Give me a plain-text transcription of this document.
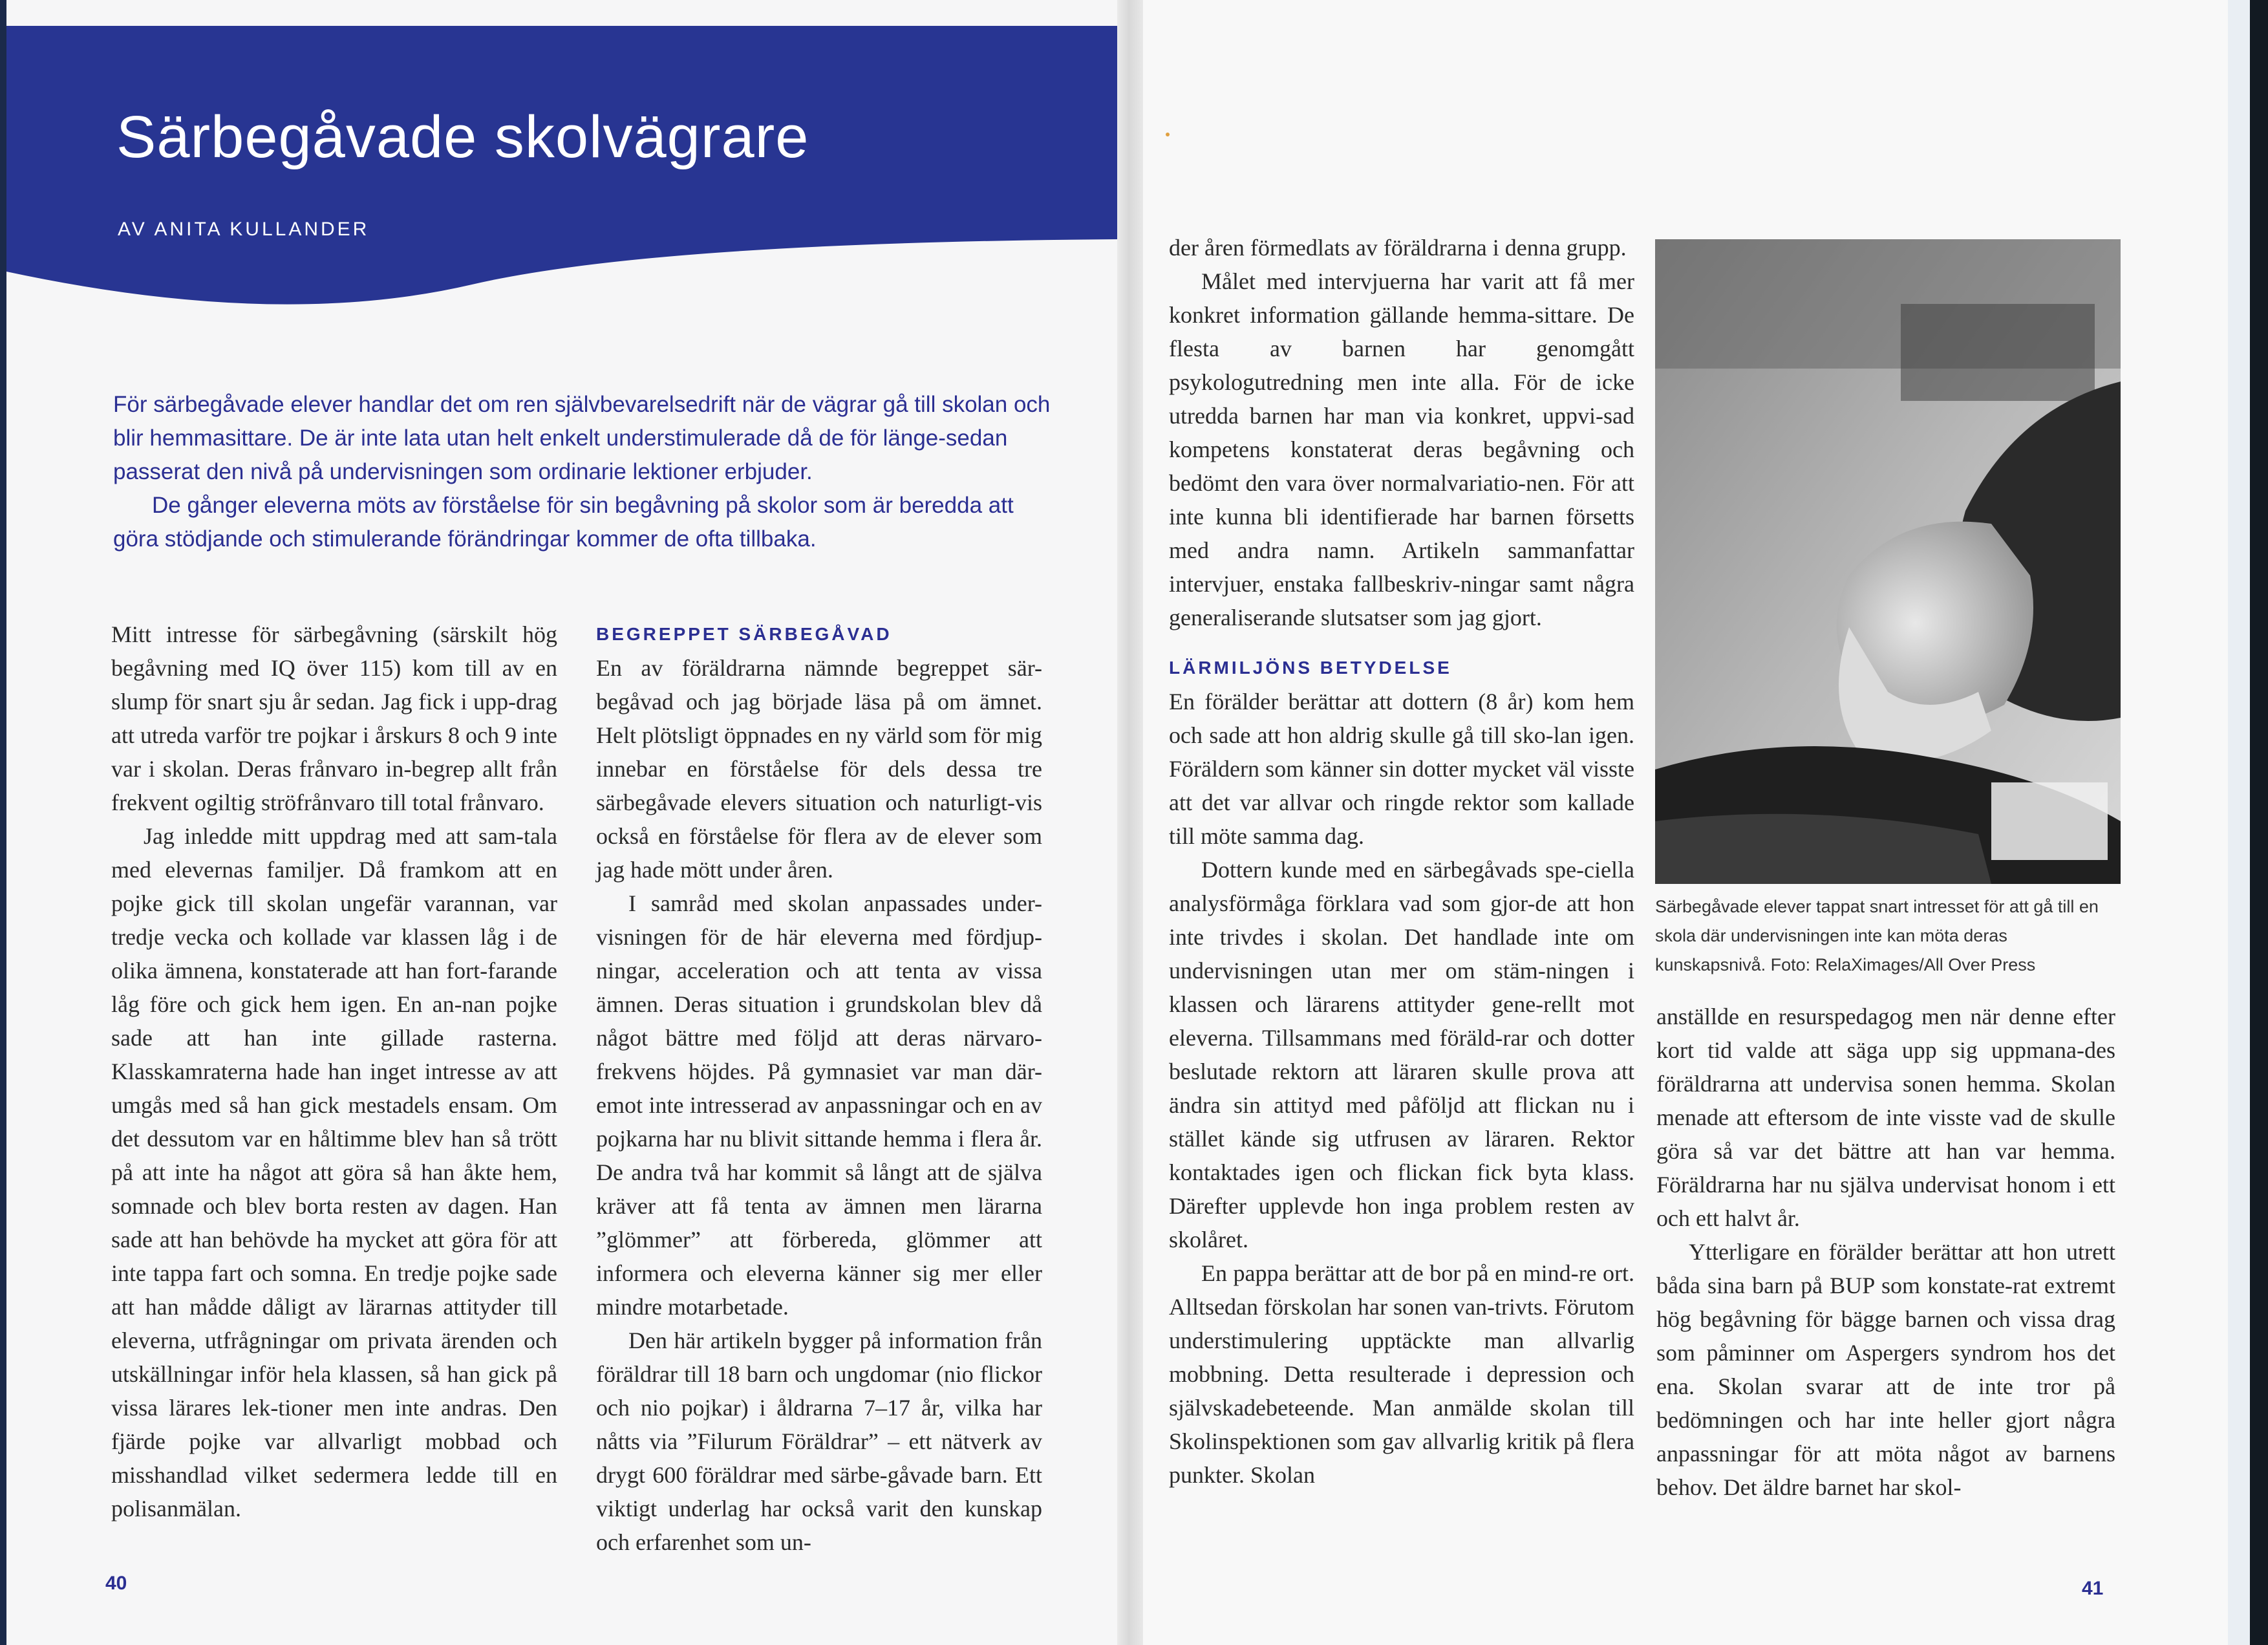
Särbegåvade skolvägrare

AV ANITA KULLANDER

För särbegåvade elever handlar det om ren självbevarelsedrift när de vägrar gå till skolan och blir hemmasittare. De är inte lata utan helt enkelt understimulerade då de för länge-sedan passerat den nivå på undervisningen som ordinarie lektioner erbjuder.

De gånger eleverna möts av förståelse för sin begåvning på skolor som är beredda att göra stödjande och stimulerande förändringar kommer de ofta tillbaka.

Mitt intresse för särbegåvning (särskilt hög begåvning med IQ över 115) kom till av en slump för snart sju år sedan. Jag fick i upp-drag att utreda varför tre pojkar i årskurs 8 och 9 inte var i skolan. Deras frånvaro in-begrep allt från frekvent ogiltig ströfrånvaro till total frånvaro.

Jag inledde mitt uppdrag med att sam-tala med elevernas familjer. Då framkom att en pojke gick till skolan ungefär varannan, var tredje vecka och kollade var klassen låg i de olika ämnena, konstaterade att han fort-farande låg före och gick hem igen. En an-nan pojke sade att han inte gillade rasterna. Klasskamraterna hade han inget intresse av att umgås med så han gick mestadels ensam. Om det dessutom var en håltimme blev han så trött på att inte ha något att göra så han åkte hem, somnade och blev borta resten av dagen. Han sade att han behövde ha mycket att göra för att inte tappa fart och somna. En tredje pojke sade att han mådde dåligt av lärarnas attityder till eleverna, utfrågningar om privata ärenden och utskällningar inför hela klassen, så han gick på vissa lärares lek-tioner men inte andras. Den fjärde pojke var allvarligt mobbad och misshandlad vilket sedermera ledde till en polisanmälan.

BEGREPPET SÄRBEGÅVAD

En av föräldrarna nämnde begreppet sär-begåvad och jag började läsa på om ämnet. Helt plötsligt öppnades en ny värld som för mig innebar en förståelse för dels dessa tre särbegåvade elevers situation och naturligt-vis också en förståelse för flera av de elever som jag hade mött under åren.

I samråd med skolan anpassades under-visningen för de här eleverna med fördjup-ningar, acceleration och att tenta av vissa ämnen. Deras situation i grundskolan blev då något bättre med följd att deras närvaro-frekvens höjdes. På gymnasiet var man där-emot inte intresserad av anpassningar och en av pojkarna har nu blivit sittande hemma i flera år. De andra två har kommit så långt att de själva kräver att få tenta av ämnen men lärarna ”glömmer” att förbereda, glömmer att informera och eleverna känner sig mer eller mindre motarbetade.

Den här artikeln bygger på information från föräldrar till 18 barn och ungdomar (nio flickor och nio pojkar) i åldrarna 7–17 år, vilka har nåtts via ”Filurum Föräldrar” – ett nätverk av drygt 600 föräldrar med särbe-gåvade barn. Ett viktigt underlag har också varit den kunskap och erfarenhet som un-

der åren förmedlats av föräldrarna i denna grupp.

Målet med intervjuerna har varit att få mer konkret information gällande hemma-sittare. De flesta av barnen har genomgått psykologutredning men inte alla. För de icke utredda barnen har man via konkret, uppvi-sad kompetens konstaterat deras begåvning och bedömt den vara över normalvariatio-nen. För att inte kunna bli identifierade har barnen försetts med andra namn. Artikeln sammanfattar intervjuer, enstaka fallbeskriv-ningar samt några generaliserande slutsatser som jag gjort.

LÄRMILJÖNS BETYDELSE

En förälder berättar att dottern (8 år) kom hem och sade att hon aldrig skulle gå till sko-lan igen. Föräldern som känner sin dotter mycket väl visste att det var allvar och ringde rektor som kallade till möte samma dag.

Dottern kunde med en särbegåvads spe-ciella analysförmåga förklara vad som gjor-de att hon inte trivdes i skolan. Det handlade inte om undervisningen utan mer om stäm-ningen i klassen och lärarens attityder gene-rellt mot eleverna. Tillsammans med föräld-rar och dotter beslutade rektorn att läraren skulle prova att ändra sin attityd med påföljd att flickan nu i stället kände sig utfrusen av läraren. Rektor kontaktades igen och flickan fick byta klass. Därefter upplevde hon inga problem resten av skolåret.

En pappa berättar att de bor på en mind-re ort. Alltsedan förskolan har sonen van-trivts. Förutom understimulering upptäckte man allvarlig mobbning. Detta resulterade i depression och självskadebeteende. Man anmälde skolan till Skolinspektionen som gav allvarlig kritik på flera punkter. Skolan

Särbegåvade elever tappat snart intresset för att gå till en skola där undervisningen inte kan möta deras kunskapsnivå. Foto: RelaXimages/All Over Press

anställde en resurspedagog men när denne efter kort tid valde att säga upp sig uppmana-des föräldrarna att undervisa sonen hemma. Skolan menade att eftersom de inte visste vad de skulle göra så var det bättre att han var hemma. Föräldrarna har nu själva undervisat honom i ett och ett halvt år.

Ytterligare en förälder berättar att hon utrett båda sina barn på BUP som konstate-rat extremt hög begåvning för bägge barnen och vissa drag som påminner om Aspergers syndrom hos det ena. Skolan svarar att de inte tror på bedömningen och har inte heller gjort några anpassningar för att möta något av barnens behov. Det äldre barnet har skol-

40	41
